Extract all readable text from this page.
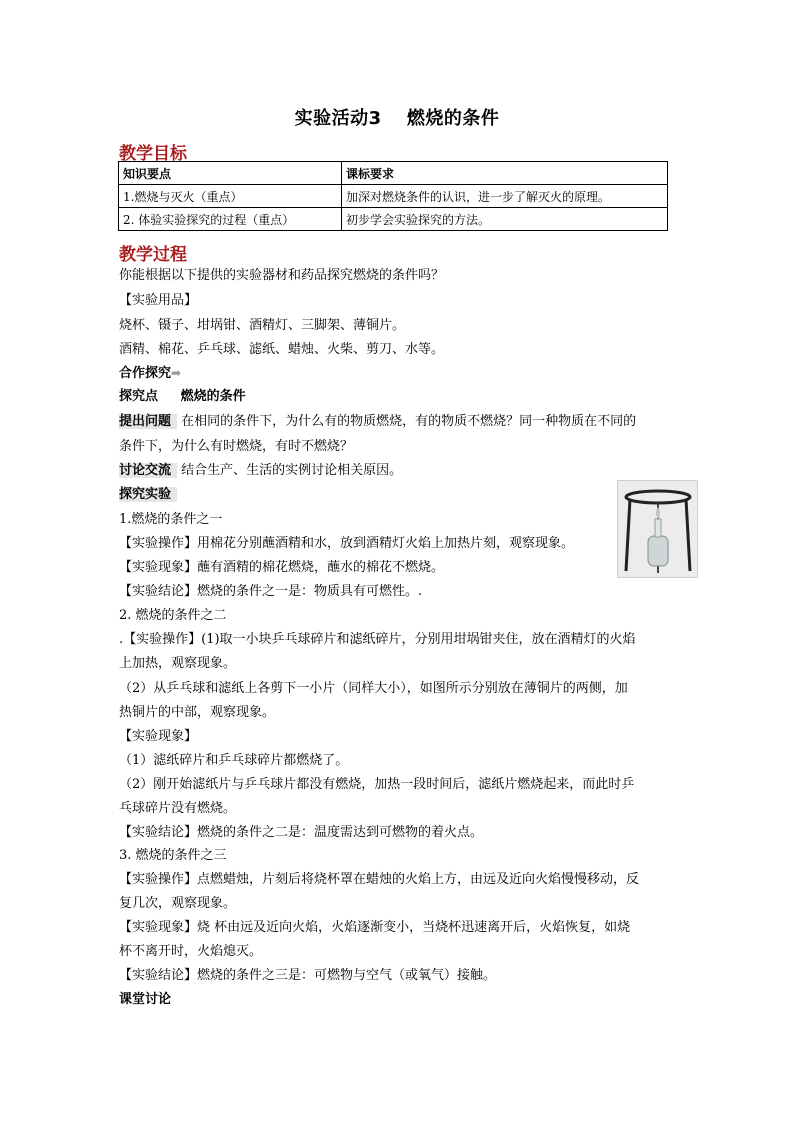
实验活动3　 燃烧的条件
教学目标
知识要点	课标要求
1.燃烧与灭火（重点）	加深对燃烧条件的认识，进一步了解灭火的原理。
2. 体验实验探究的过程（重点）	初步学会实验探究的方法。
教学过程
你能根据以下提供的实验器材和药品探究燃烧的条件吗？
【实验用品】
烧杯、镊子、坩埚钳、酒精灯、三脚架、薄铜片。
酒精、棉花、乒乓球、滤纸、蜡烛、火柴、剪刀、水等。
合作探究➡
探究点 燃烧的条件
提出问题 在相同的条件下，为什么有的物质燃烧，有的物质不燃烧？同一种物质在不同的
条件下，为什么有时燃烧，有时不燃烧？
讨论交流 结合生产、生活的实例讨论相关原因。
探究实验
1.燃烧的条件之一
【实验操作】用棉花分别蘸酒精和水，放到酒精灯火焰上加热片刻，观察现象。
【实验现象】蘸有酒精的棉花燃烧，蘸水的棉花不燃烧。
【实验结论】燃烧的条件之一是：物质具有可燃性。.
2. 燃烧的条件之二
.【实验操作】(1)取一小块乒乓球碎片和滤纸碎片，分别用坩埚钳夹住，放在酒精灯的火焰
上加热，观察现象。
（2）从乒乓球和滤纸上各剪下一小片（同样大小），如图所示分别放在薄铜片的两侧，加
热铜片的中部，观察现象。
【实验现象】
（1）滤纸碎片和乒乓球碎片都燃烧了。
（2）刚开始滤纸片与乒乓球片都没有燃烧，加热一段时间后，滤纸片燃烧起来，而此时乒
乓球碎片没有燃烧。
【实验结论】燃烧的条件之二是：温度需达到可燃物的着火点。
3. 燃烧的条件之三
【实验操作】点燃蜡烛，片刻后将烧杯罩在蜡烛的火焰上方，由远及近向火焰慢慢移动，反
复几次，观察现象。
【实验现象】烧 杯由远及近向火焰，火焰逐渐变小，当烧杯迅速离开后，火焰恢复，如烧
杯不离开时，火焰熄灭。
【实验结论】燃烧的条件之三是：可燃物与空气（或氧气）接触。
课堂讨论
